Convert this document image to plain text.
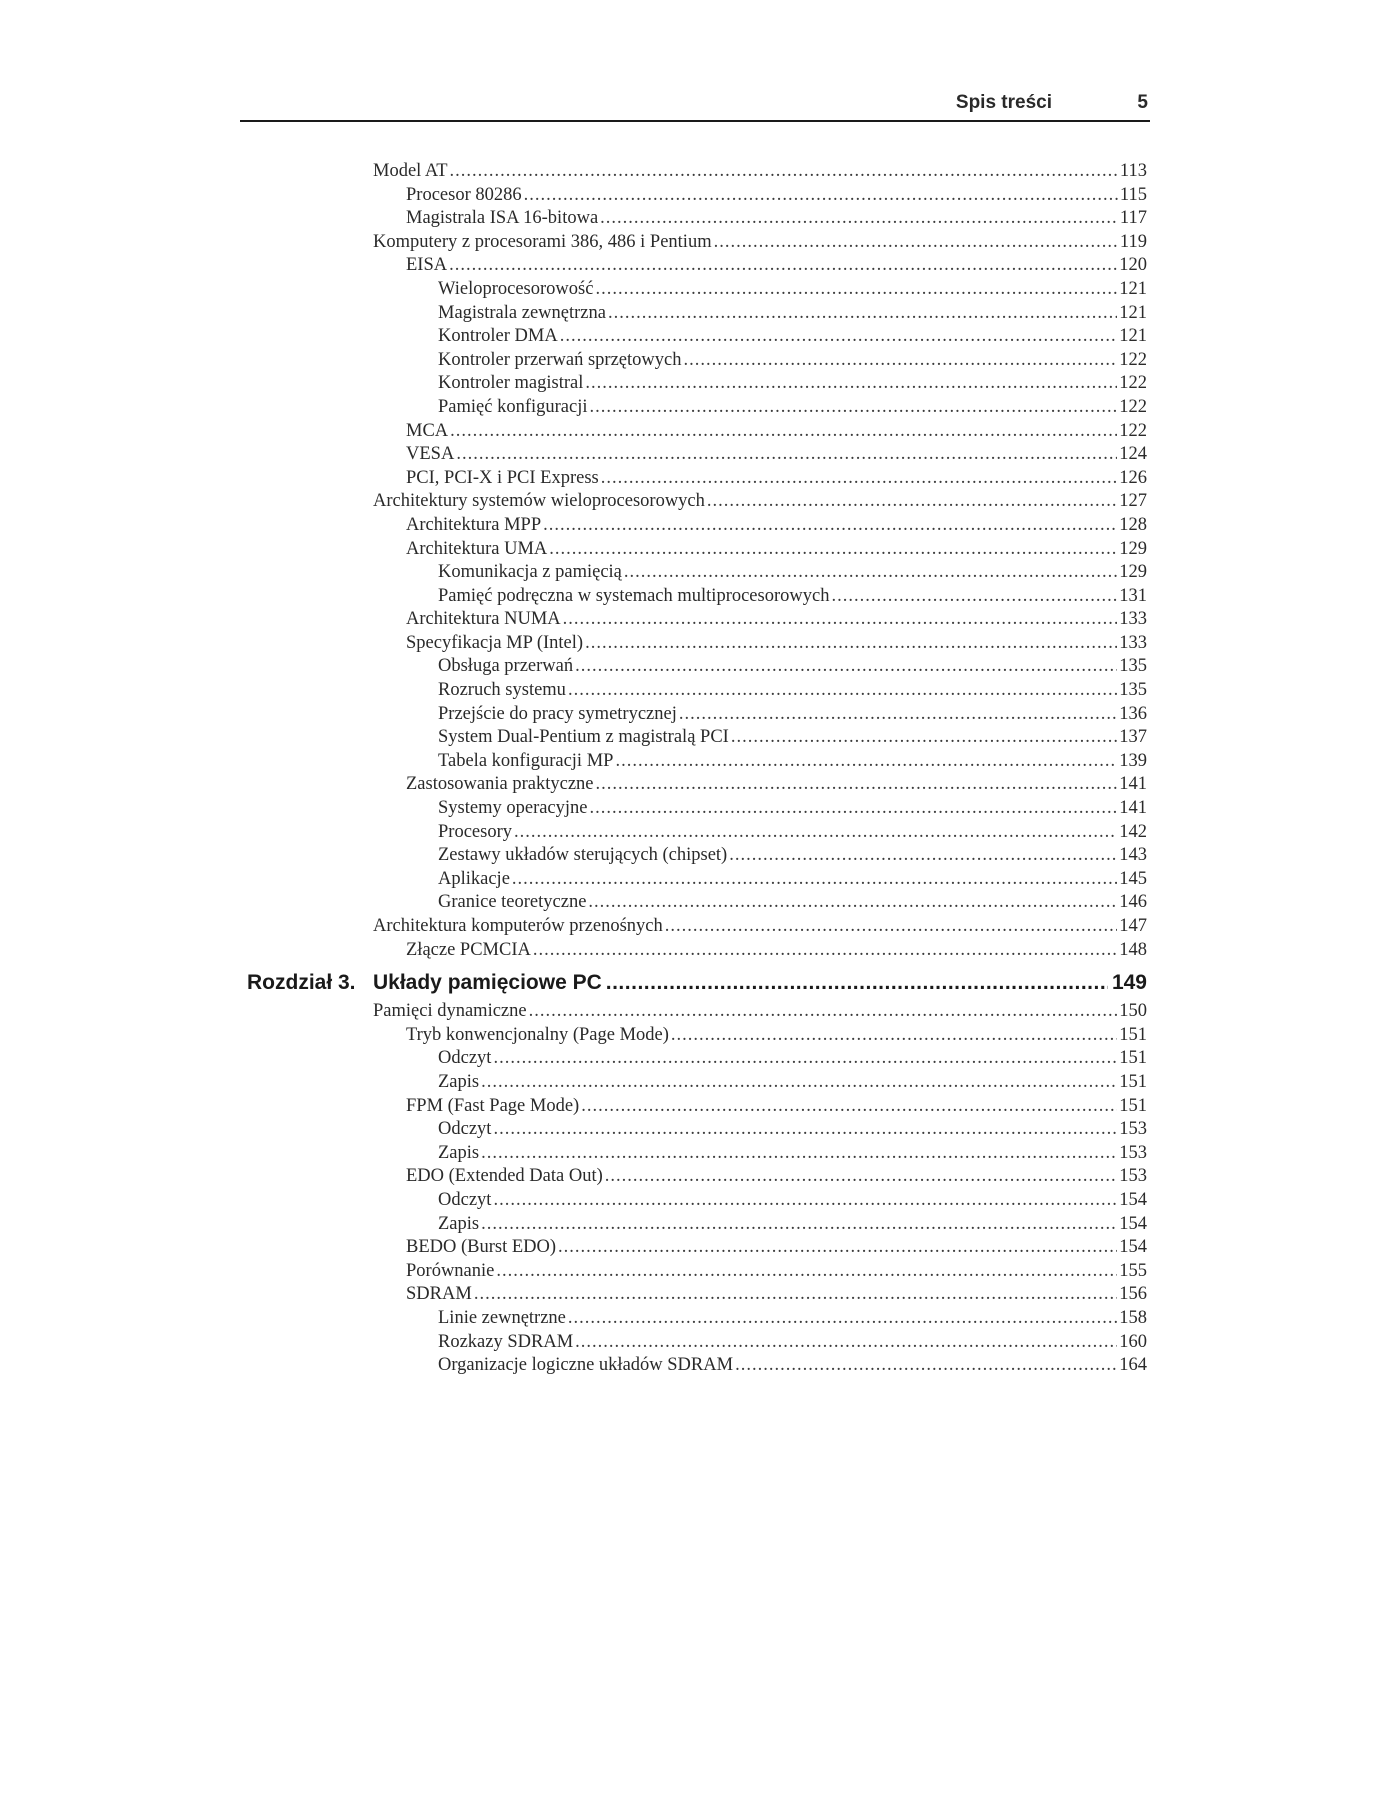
Spis treści	5
Model AT .....	113
Procesor 80286 .....	115
Magistrala ISA 16-bitowa .....	117
Komputery z procesorami 386, 486 i Pentium .....	119
EISA .....	120
Wieloprocesorowość .....	121
Magistrala zewnętrzna .....	121
Kontroler DMA .....	121
Kontroler przerwań sprzętowych .....	122
Kontroler magistral .....	122
Pamięć konfiguracji .....	122
MCA .....	122
VESA .....	124
PCI, PCI-X i PCI Express .....	126
Architektury systemów wieloprocesorowych .....	127
Architektura MPP .....	128
Architektura UMA .....	129
Komunikacja z pamięcią .....	129
Pamięć podręczna w systemach multiprocesorowych .....	131
Architektura NUMA .....	133
Specyfikacja MP (Intel) .....	133
Obsługa przerwań .....	135
Rozruch systemu .....	135
Przejście do pracy symetrycznej .....	136
System Dual-Pentium z magistralą PCI .....	137
Tabela konfiguracji MP .....	139
Zastosowania praktyczne .....	141
Systemy operacyjne .....	141
Procesory .....	142
Zestawy układów sterujących (chipset) .....	143
Aplikacje .....	145
Granice teoretyczne .....	146
Architektura komputerów przenośnych .....	147
Złącze PCMCIA .....	148
Rozdział 3. Układy pamięciowe PC .....	149
Pamięci dynamiczne .....	150
Tryb konwencjonalny (Page Mode) .....	151
Odczyt .....	151
Zapis .....	151
FPM (Fast Page Mode) .....	151
Odczyt .....	153
Zapis .....	153
EDO (Extended Data Out) .....	153
Odczyt .....	154
Zapis .....	154
BEDO (Burst EDO) .....	154
Porównanie .....	155
SDRAM .....	156
Linie zewnętrzne .....	158
Rozkazy SDRAM .....	160
Organizacje logiczne układów SDRAM .....	164
